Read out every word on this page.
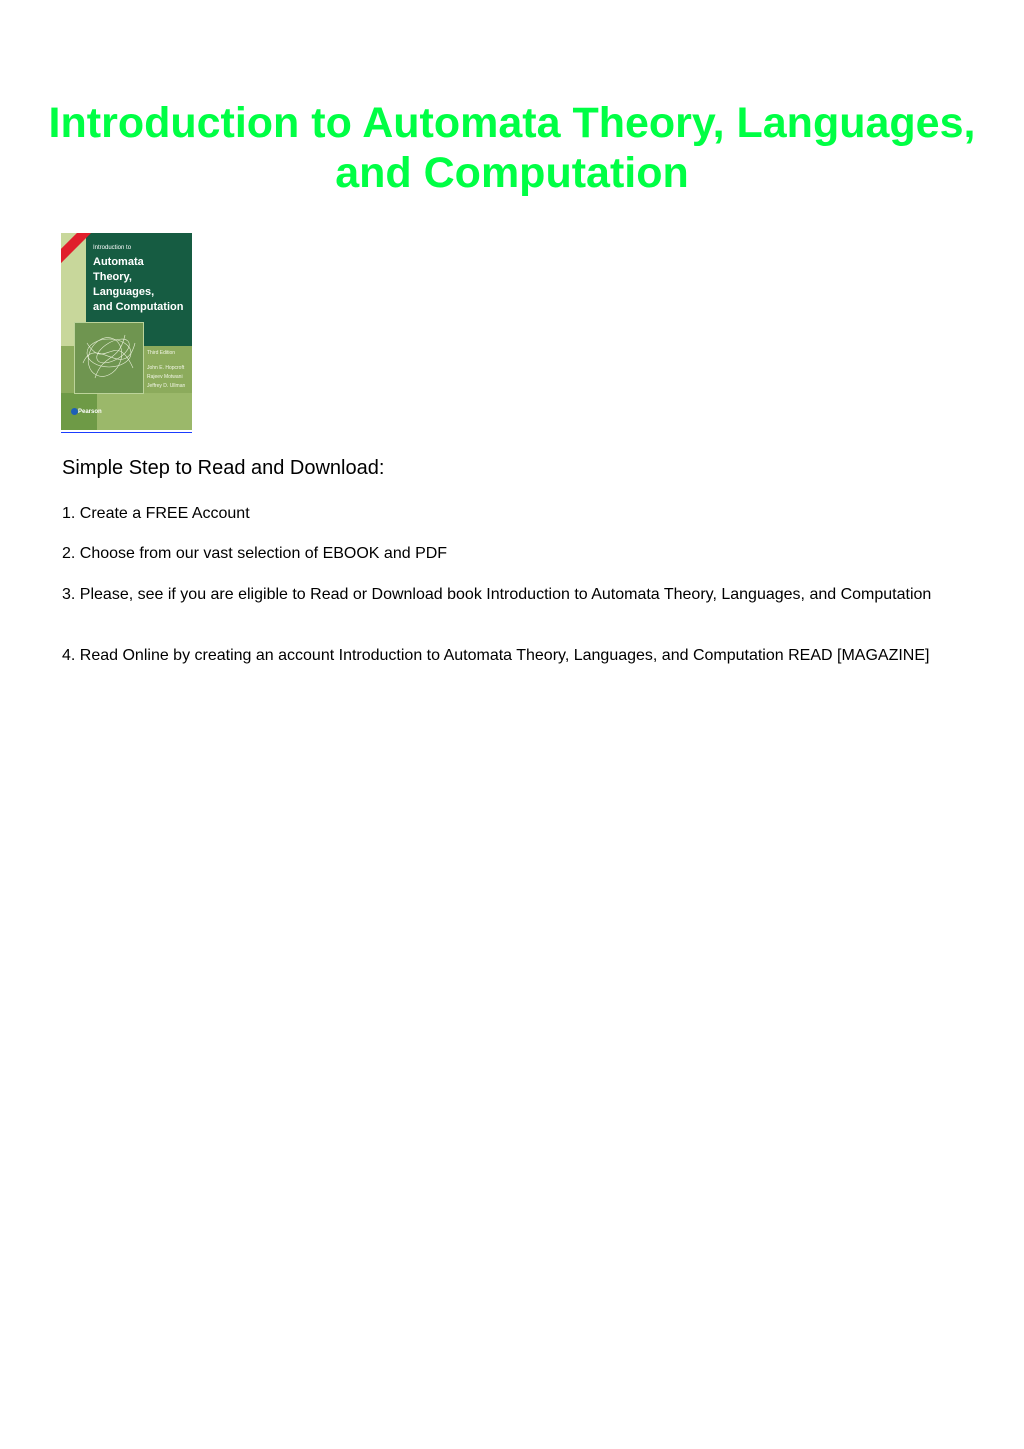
Introduction to Automata Theory, Languages, and Computation
Introduction to
Automata
Theory,
Languages,
and Computation
Third Edition
John E. Hopcroft
Rajeev Motwani
Jeffrey D. Ullman
Pearson
Simple Step to Read and Download:

1. Create a FREE Account

2. Choose from our vast selection of EBOOK and PDF

3. Please, see if you are eligible to Read or Download book Introduction to Automata Theory, Languages, and Computation

4. Read Online by creating an account Introduction to Automata Theory, Languages, and Computation READ [MAGAZINE]
